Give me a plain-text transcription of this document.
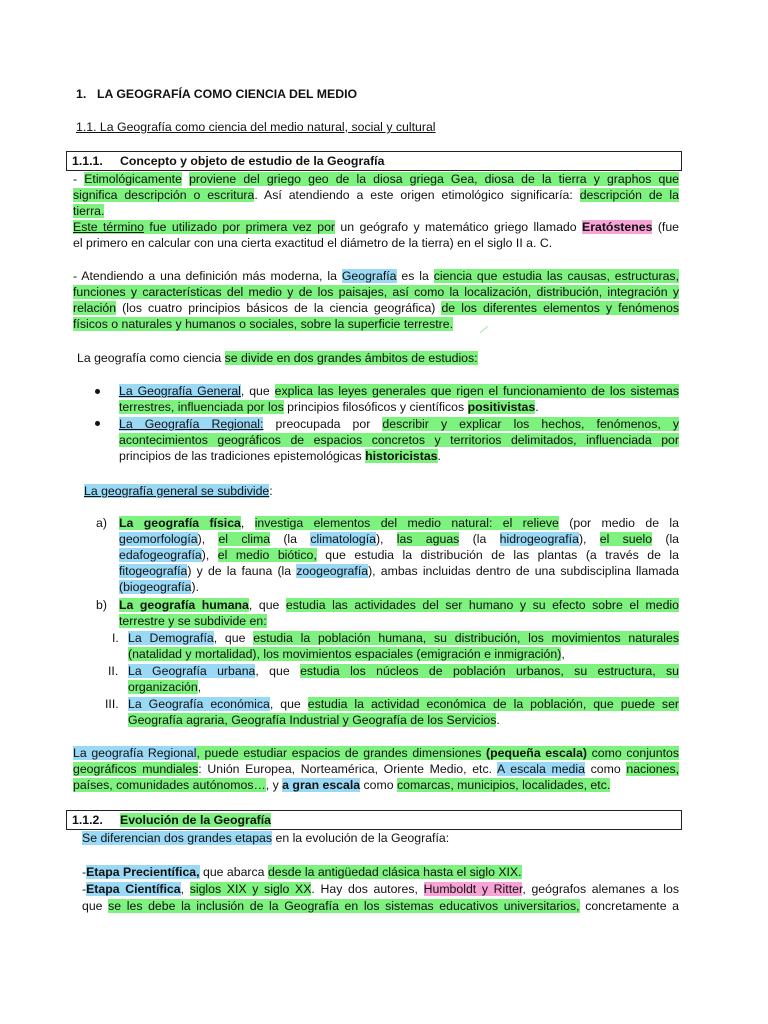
1. LA GEOGRAFÍA COMO CIENCIA DEL MEDIO
1.1. La Geografía como ciencia del medio natural, social y cultural
1.1.1. Concepto y objeto de estudio de la Geografía
- Etimológicamente proviene del griego geo de la diosa griega Gea, diosa de la tierra y graphos que
significa descripción o escritura. Así atendiendo a este origen etimológico significaría: descripción de la
tierra.
Este término fue utilizado por primera vez por un geógrafo y matemático griego llamado Eratóstenes (fue
el primero en calcular con una cierta exactitud el diámetro de la tierra) en el siglo II a. C.
- Atendiendo a una definición más moderna, la Geografía es la ciencia que estudia las causas, estructuras,
funciones y características del medio y de los paisajes, así como la localización, distribución, integración y
relación (los cuatro principios básicos de la ciencia geográfica) de los diferentes elementos y fenómenos
físicos o naturales y humanos o sociales, sobre la superficie terrestre.
La geografía como ciencia se divide en dos grandes ámbitos de estudios:
La Geografía General, que explica las leyes generales que rigen el funcionamiento de los sistemas
terrestres, influenciada por los principios filosóficos y científicos positivistas.
La Geografía Regional: preocupada por describir y explicar los hechos, fenómenos, y
acontecimientos geográficos de espacios concretos y territorios delimitados, influenciada por
principios de las tradiciones epistemológicas historicistas.
La geografía general se subdivide:
a) La geografía física, investiga elementos del medio natural: el relieve (por medio de la
geomorfología), el clima (la climatología), las aguas (la hidrogeografía), el suelo (la
edafogeografía), el medio biótico, que estudia la distribución de las plantas (a través de la
fitogeografía) y de la fauna (la zoogeografía), ambas incluidas dentro de una subdisciplina llamada
(biogeografía).
b) La geografía humana, que estudia las actividades del ser humano y su efecto sobre el medio
terrestre y se subdivide en:
I. La Demografía, que estudia la población humana, su distribución, los movimientos naturales
(natalidad y mortalidad), los movimientos espaciales (emigración e inmigración),
II. La Geografía urbana, que estudia los núcleos de población urbanos, su estructura, su
organización,
III. La Geografía económica, que estudia la actividad económica de la población, que puede ser
Geografía agraria, Geografía Industrial y Geografía de los Servicios.
La geografía Regional, puede estudiar espacios de grandes dimensiones (pequeña escala) como conjuntos
geográficos mundiales: Unión Europea, Norteamérica, Oriente Medio, etc. A escala media como naciones,
países, comunidades autónomos…, y a gran escala como comarcas, municipios, localidades, etc.
1.1.2. Evolución de la Geografía
Se diferencian dos grandes etapas en la evolución de la Geografía:
-Etapa Precientífica, que abarca desde la antigüedad clásica hasta el siglo XIX.
-Etapa Científica, siglos XIX y siglo XX. Hay dos autores, Humboldt y Ritter, geógrafos alemanes a los
que se les debe la inclusión de la Geografía en los sistemas educativos universitarios, concretamente a
